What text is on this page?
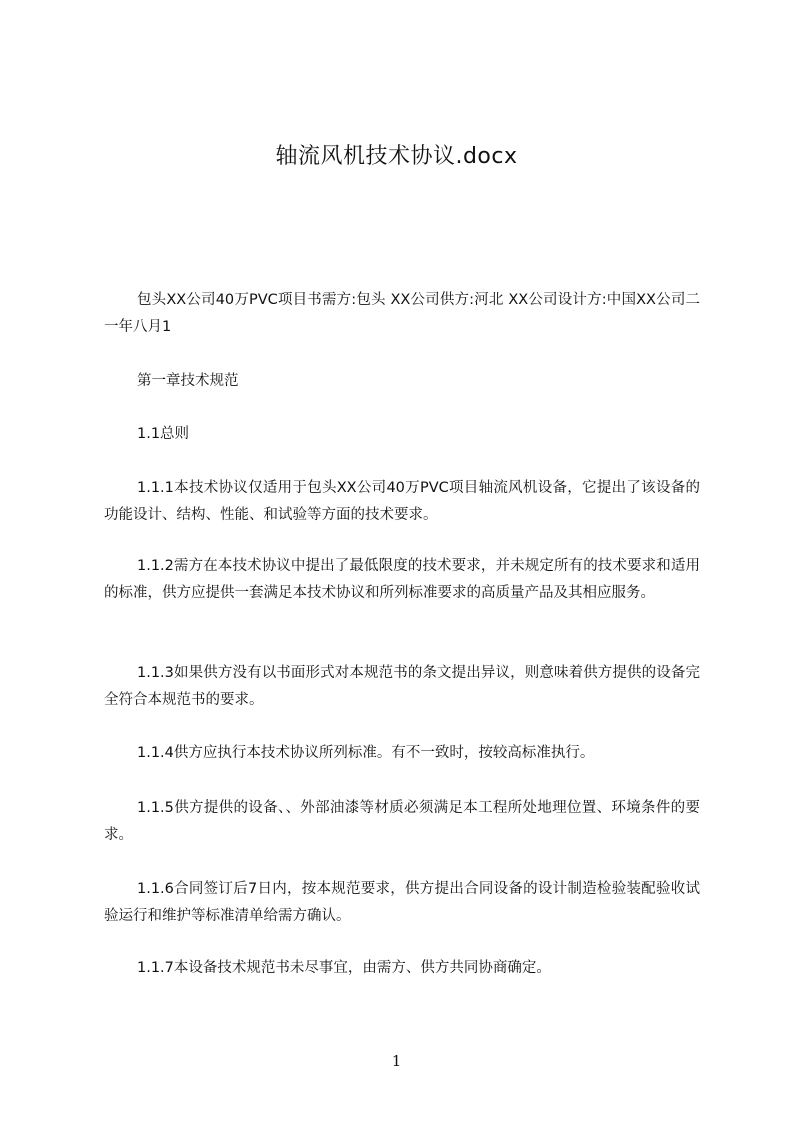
轴流风机技术协议.docx
包头XX公司40万PVC项目书需方:包头 XX公司供方:河北 XX公司设计方:中国XX公司二一年八月1
第一章技术规范
1.1总则
1.1.1本技术协议仅适用于包头XX公司40万PVC项目轴流风机设备，它提出了该设备的功能设计、结构、性能、和试验等方面的技术要求。
1.1.2需方在本技术协议中提出了最低限度的技术要求，并未规定所有的技术要求和适用的标准，供方应提供一套满足本技术协议和所列标准要求的高质量产品及其相应服务。
1.1.3如果供方没有以书面形式对本规范书的条文提出异议，则意味着供方提供的设备完全符合本规范书的要求。
1.1.4供方应执行本技术协议所列标准。有不一致时，按较高标准执行。
1.1.5供方提供的设备、、外部油漆等材质必须满足本工程所处地理位置、环境条件的要求。
1.1.6合同签订后7日内，按本规范要求，供方提出合同设备的设计制造检验装配验收试验运行和维护等标准清单给需方确认。
1.1.7本设备技术规范书未尽事宜，由需方、供方共同协商确定。
1
